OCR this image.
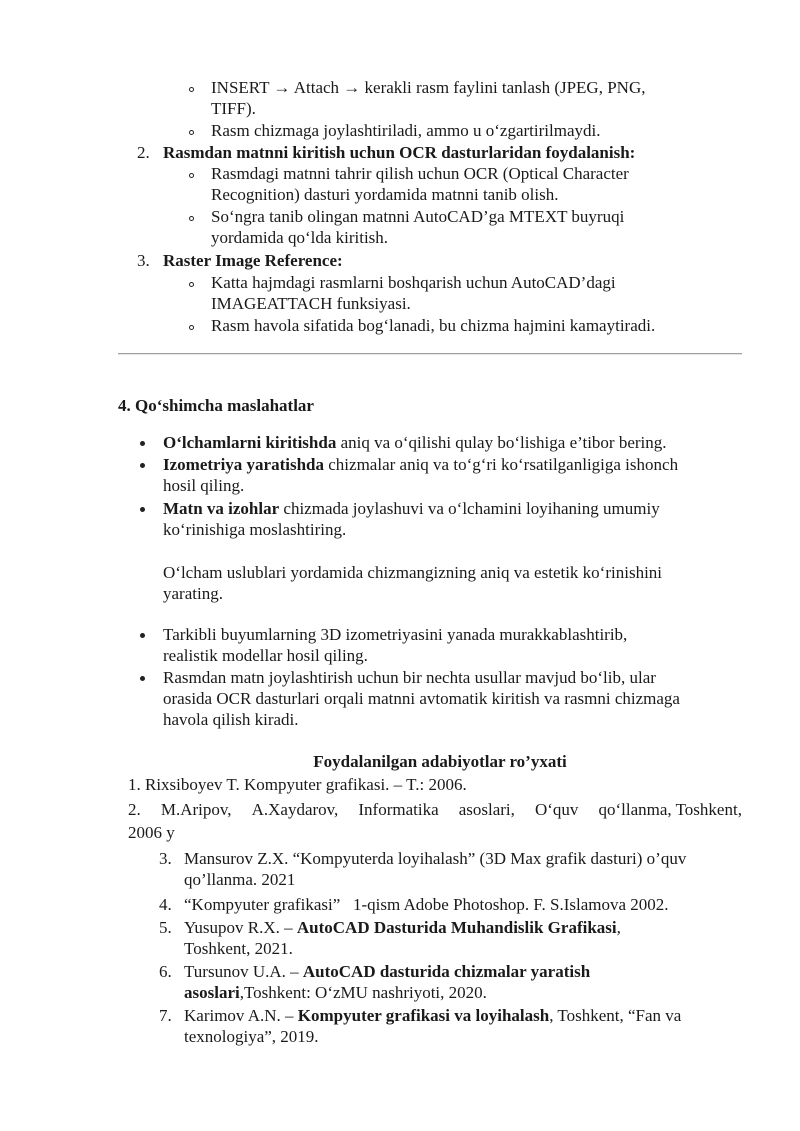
INSERT → Attach → kerakli rasm faylini tanlash (JPEG, PNG,
TIFF).
Rasm chizmaga joylashtiriladi, ammo u o‘zgartirilmaydi.
2. Rasmdan matnni kiritish uchun OCR dasturlaridan foydalanish:
Rasmdagi matnni tahrir qilish uchun OCR (Optical Character
Recognition) dasturi yordamida matnni tanib olish.
So‘ngra tanib olingan matnni AutoCAD’ga MTEXT buyruqi
yordamida qo‘lda kiritish.
3. Raster Image Reference:
Katta hajmdagi rasmlarni boshqarish uchun AutoCAD’dagi
IMAGEATTACH funksiyasi.
Rasm havola sifatida bog‘lanadi, bu chizma hajmini kamaytiradi.
4. Qo‘shimcha maslahatlar
O‘lchamlarni kiritishda aniq va o‘qilishi qulay bo‘lishiga e’tibor bering.
Izometriya yaratishda chizmalar aniq va to‘g‘ri ko‘rsatilganligiga ishonch
hosil qiling.
Matn va izohlar chizmada joylashuvi va o‘lchamini loyihaning umumiy
ko‘rinishiga moslashtiring.
O‘lcham uslublari yordamida chizmangizning aniq va estetik ko‘rinishini
yarating.
Tarkibli buyumlarning 3D izometriyasini yanada murakkablashtirib,
realistik modellar hosil qiling.
Rasmdan matn joylashtirish uchun bir nechta usullar mavjud bo‘lib, ular
orasida OCR dasturlari orqali matnni avtomatik kiritish va rasmni chizmaga
havola qilish kiradi.
Foydalanilgan adabiyotlar ro’yxati
1. Rixsiboyev T. Kompyuter grafikasi. – T.: 2006.
2. M.Aripov, A.Xaydarov, Informatika asoslari, O‘quv qo‘llanma, Toshkent,
2006 y
3. Mansurov Z.X. “Kompyuterda loyihalash” (3D Max grafik dasturi) o’quv
qo’llanma. 2021
4. “Kompyuter grafikasi”   1-qism Adobe Photoshop. F. S.Islamova 2002.
5. Yusupov R.X. – AutoCAD Dasturida Muhandislik Grafikasi,
Toshkent, 2021.
6. Tursunov U.A. – AutoCAD dasturida chizmalar yaratish
asoslari,Toshkent: O‘zMU nashriyoti, 2020.
7. Karimov A.N. – Kompyuter grafikasi va loyihalash, Toshkent, “Fan va
texnologiya”, 2019.
